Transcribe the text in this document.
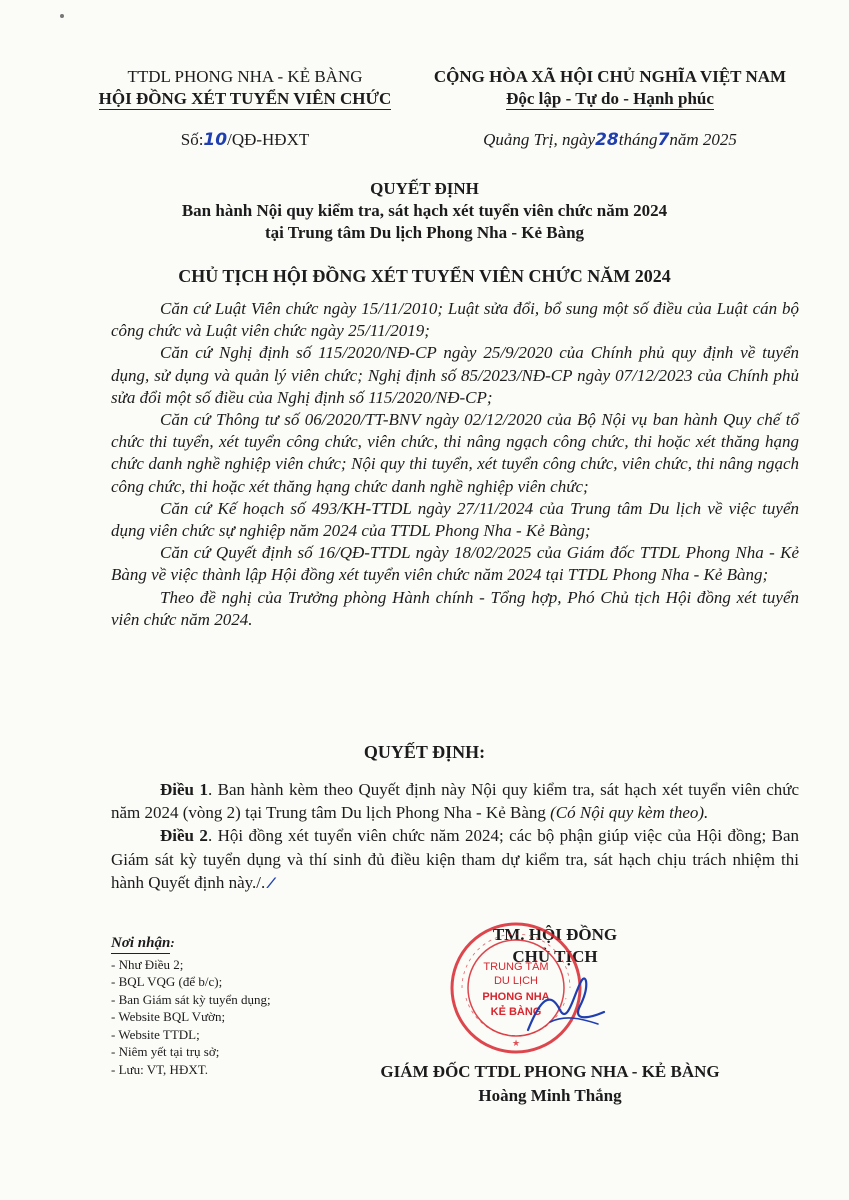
TTDL PHONG NHA - KẺ BÀNG
HỘI ĐỒNG XÉT TUYỂN VIÊN CHỨC
CỘNG HÒA XÃ HỘI CHỦ NGHĨA VIỆT NAM
Độc lập - Tự do - Hạnh phúc
Số:10/QĐ-HĐXT	Quảng Trị, ngày28tháng7năm 2025
QUYẾT ĐỊNH
Ban hành Nội quy kiểm tra, sát hạch xét tuyển viên chức năm 2024
tại Trung tâm Du lịch Phong Nha - Kẻ Bàng
CHỦ TỊCH HỘI ĐỒNG XÉT TUYỂN VIÊN CHỨC NĂM 2024

Căn cứ Luật Viên chức ngày 15/11/2010; Luật sửa đổi, bổ sung một số điều của Luật cán bộ công chức và Luật viên chức ngày 25/11/2019;

Căn cứ Nghị định số 115/2020/NĐ-CP ngày 25/9/2020 của Chính phủ quy định về tuyển dụng, sử dụng và quản lý viên chức; Nghị định số 85/2023/NĐ-CP ngày 07/12/2023 của Chính phủ sửa đổi một số điều của Nghị định số 115/2020/NĐ-CP;

Căn cứ Thông tư số 06/2020/TT-BNV ngày 02/12/2020 của Bộ Nội vụ ban hành Quy chế tổ chức thi tuyển, xét tuyển công chức, viên chức, thi nâng ngạch công chức, thi hoặc xét thăng hạng chức danh nghề nghiệp viên chức; Nội quy thi tuyển, xét tuyển công chức, viên chức, thi nâng ngạch công chức, thi hoặc xét thăng hạng chức danh nghề nghiệp viên chức;

Căn cứ Kế hoạch số 493/KH-TTDL ngày 27/11/2024 của Trung tâm Du lịch về việc tuyển dụng viên chức sự nghiệp năm 2024 của TTDL Phong Nha - Kẻ Bàng;

Căn cứ Quyết định số 16/QĐ-TTDL ngày 18/02/2025 của Giám đốc TTDL Phong Nha - Kẻ Bàng về việc thành lập Hội đồng xét tuyển viên chức năm 2024 tại TTDL Phong Nha - Kẻ Bàng;

Theo đề nghị của Trưởng phòng Hành chính - Tổng hợp, Phó Chủ tịch Hội đồng xét tuyển viên chức năm 2024.

QUYẾT ĐỊNH:

Điều 1. Ban hành kèm theo Quyết định này Nội quy kiểm tra, sát hạch xét tuyển viên chức năm 2024 (vòng 2) tại Trung tâm Du lịch Phong Nha - Kẻ Bàng (Có Nội quy kèm theo).

Điều 2. Hội đồng xét tuyển viên chức năm 2024; các bộ phận giúp việc của Hội đồng; Ban Giám sát kỳ tuyển dụng và thí sinh đủ điều kiện tham dự kiểm tra, sát hạch chịu trách nhiệm thi hành Quyết định này./. ⁄

Nơi nhận:
- Như Điều 2;
- BQL VQG (để b/c);
- Ban Giám sát kỳ tuyển dụng;
- Website BQL Vườn;
- Website TTDL;
- Niêm yết tại trụ sở;
- Lưu: VT, HĐXT.
TM. HỘI ĐỒNG
CHỦ TỊCH
TRUNG TÂM
DU LỊCH
PHONG NHA
KẺ BÀNG
★
GIÁM ĐỐC TTDL PHONG NHA - KẺ BÀNG
Hoàng Minh Thắng
